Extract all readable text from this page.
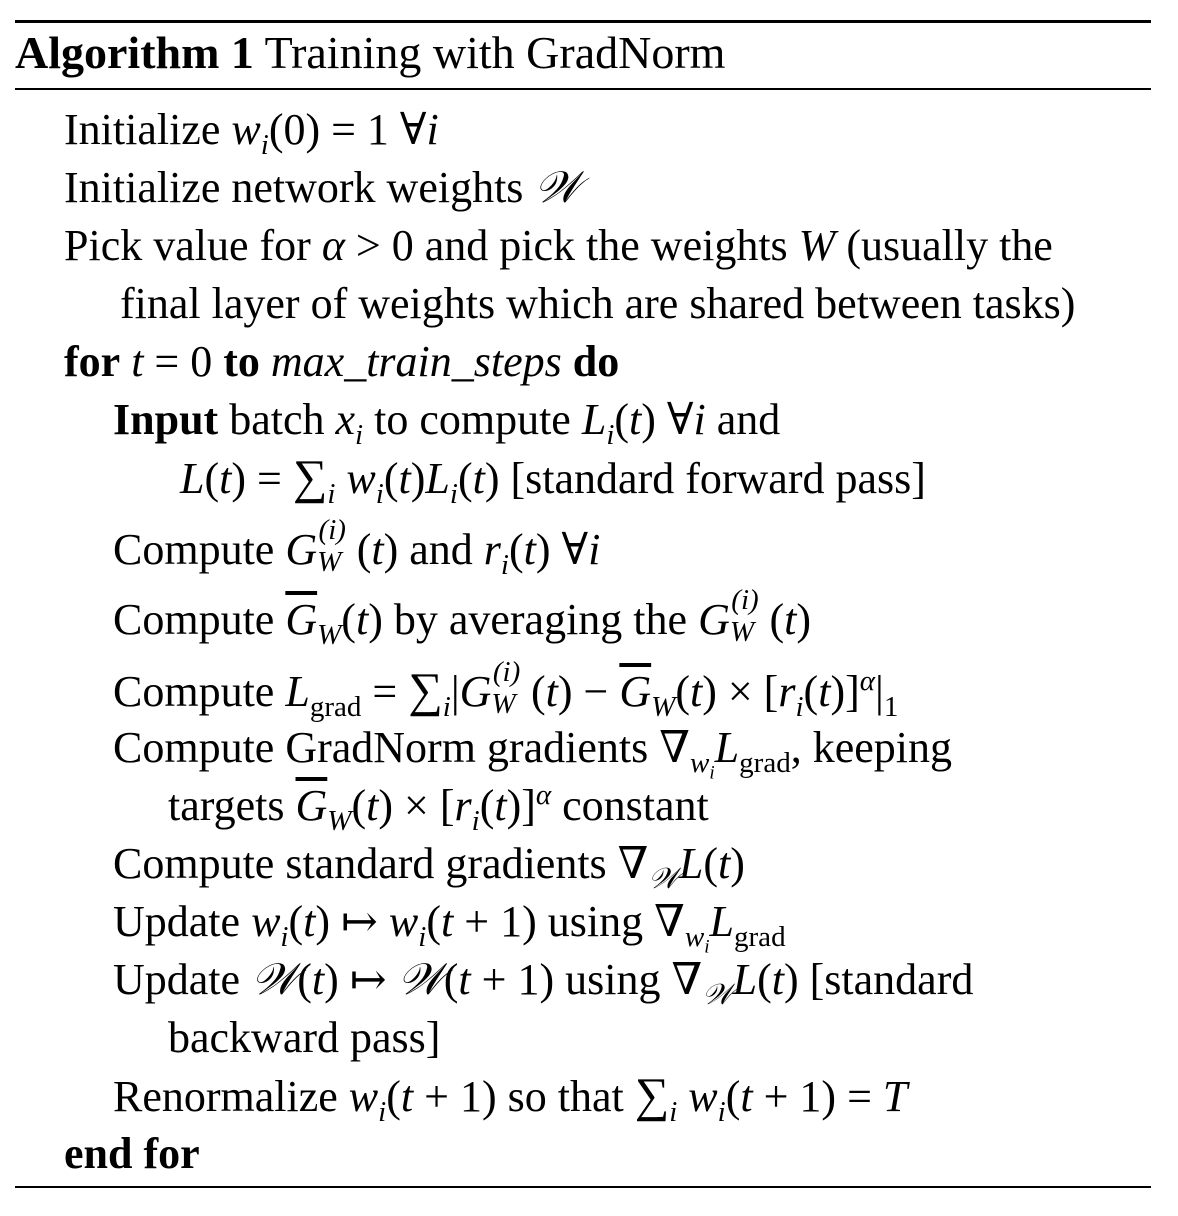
Algorithm 1 Training with GradNorm
Initialize $w_i(0) = 1$ ∀i
Initialize network weights 𝒲
Pick value for α > 0 and pick the weights W (usually the
final layer of weights which are shared between tasks)
for t = 0 to max_train_steps do
Input batch $x_i$ to compute $L_i(t)$ ∀i and
$L(t) = \sum_i$ $w_i(t)L_i(t)$ [standard forward pass]
Compute G (i)
W (t) and $r_i(t)$ ∀i
Compute $\overline{G}_W(t)$ by averaging the G (i)
W (t)
Compute $L_{grad} = \sum_i|G$ (i)
W $(t) - \overline{G}_W(t) \times [r_i(t)]^\alpha|_1$
Compute GradNorm gradients $\nabla_{w_i}L_{grad}$, keeping
targets $\overline{G}_W(t) \times [r_i(t)]^\alpha$ constant
Compute standard gradients $\nabla_𝒲L(t)$
Update $w_i(t)$ ↦ $w_i(t + 1)$ using $\nabla_{w_i}L_{grad}$
Update 𝒲(t) ↦ 𝒲(t + 1) using $\nabla_𝒲L(t)$ [standard
backward pass]
Renormalize $w_i(t + 1)$ so that $\sum_i$ $w_i(t + 1) = T$
end for
